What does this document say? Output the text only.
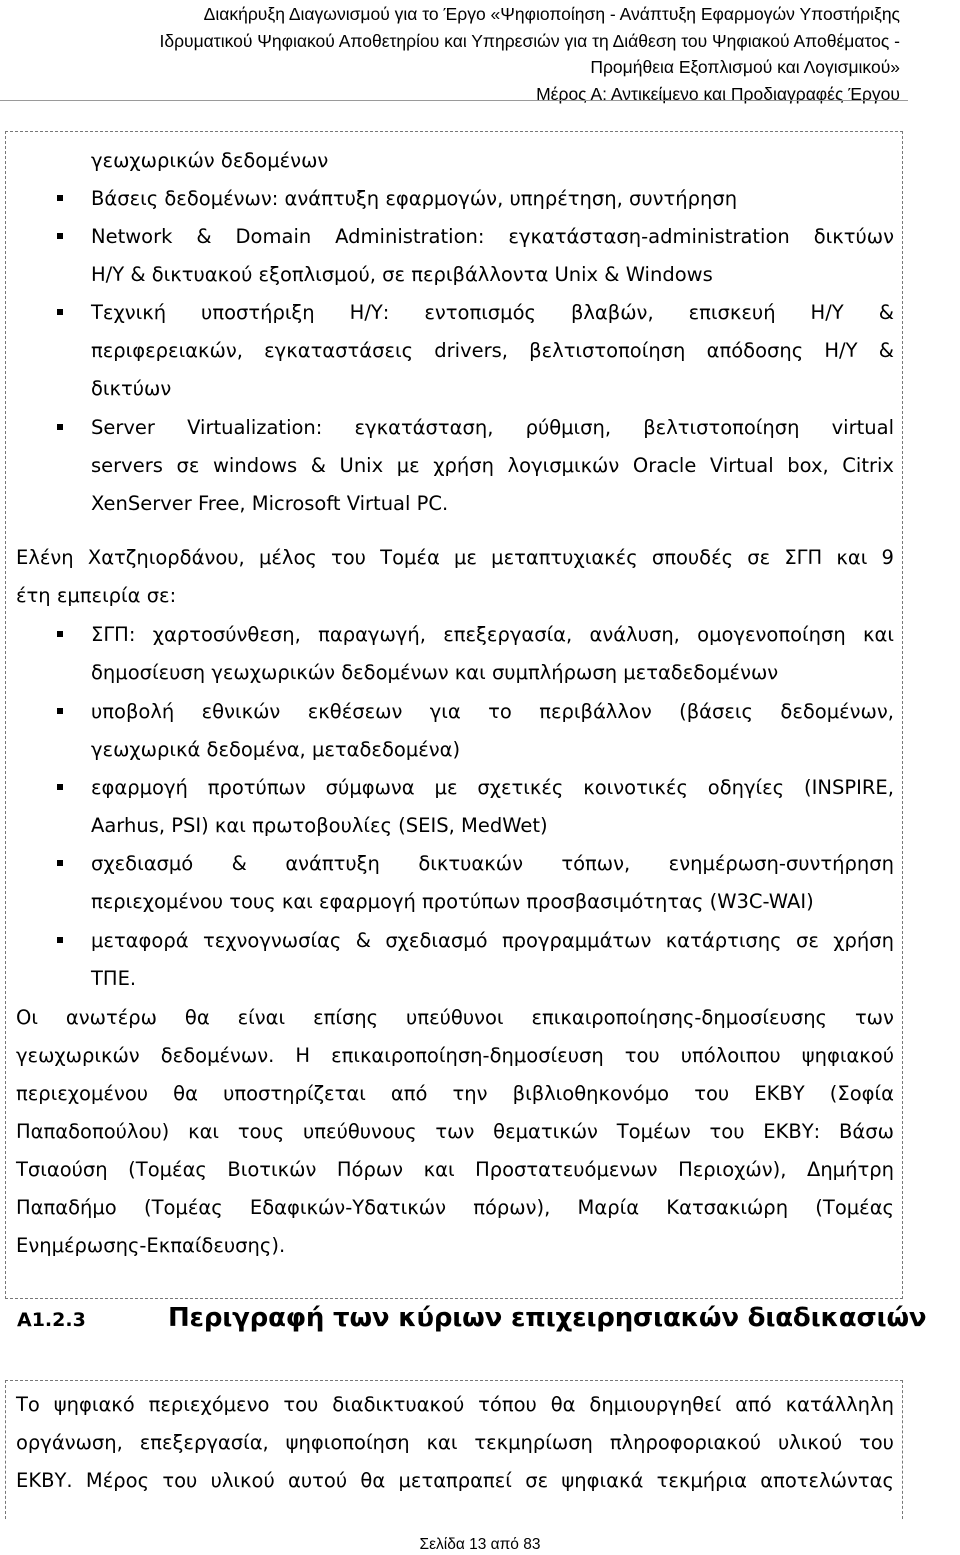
Διακήρυξη Διαγωνισμού για το Έργο «Ψηφιοποίηση - Ανάπτυξη Εφαρμογών Υποστήριξης
Ιδρυματικού Ψηφιακού Αποθετηρίου και Υπηρεσιών για τη Διάθεση του Ψηφιακού Αποθέματος -
Προμήθεια Εξοπλισμού και Λογισμικού»
Μέρος Α: Αντικείμενο και Προδιαγραφές Έργου
γεωχωρικών δεδομένων
Βάσεις δεδομένων: ανάπτυξη εφαρμογών, υπηρέτηση, συντήρηση
Network & Domain Administration: εγκατάσταση-administration δικτύων
Η/Υ & δικτυακού εξοπλισμού, σε περιβάλλοντα Unix & Windows
Τεχνική υποστήριξη Η/Υ: εντοπισμός βλαβών, επισκευή Η/Υ &
περιφερειακών, εγκαταστάσεις drivers, βελτιστοποίηση απόδοσης Η/Υ &
δικτύων
Server Virtualization: εγκατάσταση, ρύθμιση, βελτιστοποίηση virtual
servers σε windows & Unix με χρήση λογισμικών Oracle Virtual box, Citrix
XenServer Free, Microsoft Virtual PC.
Ελένη Χατζηιορδάνου, μέλος του Τομέα με μεταπτυχιακές σπουδές σε ΣΓΠ και 9
έτη εμπειρία σε:
ΣΓΠ: χαρτοσύνθεση, παραγωγή, επεξεργασία, ανάλυση, ομογενοποίηση και
δημοσίευση γεωχωρικών δεδομένων και συμπλήρωση μεταδεδομένων
υποβολή εθνικών εκθέσεων για το περιβάλλον (βάσεις δεδομένων,
γεωχωρικά δεδομένα, μεταδεδομένα)
εφαρμογή προτύπων σύμφωνα με σχετικές κοινοτικές οδηγίες (INSPIRE,
Aarhus, PSI) και πρωτοβουλίες (SEIS, MedWet)
σχεδιασμό & ανάπτυξη δικτυακών τόπων, ενημέρωση-συντήρηση
περιεχομένου τους και εφαρμογή προτύπων προσβασιμότητας (W3C-WAI)
μεταφορά τεχνογνωσίας & σχεδιασμό προγραμμάτων κατάρτισης σε χρήση
ΤΠΕ.
Οι ανωτέρω θα είναι επίσης υπεύθυνοι επικαιροποίησης-δημοσίευσης των
γεωχωρικών δεδομένων. Η επικαιροποίηση-δημοσίευση του υπόλοιπου ψηφιακού
περιεχομένου θα υποστηρίζεται από την βιβλιοθηκονόμο του ΕΚΒΥ (Σοφία
Παπαδοπούλου) και τους υπεύθυνους των θεματικών Τομέων του ΕΚΒΥ: Βάσω
Τσιαούση (Τομέας Βιοτικών Πόρων και Προστατευόμενων Περιοχών), Δημήτρη
Παπαδήμο (Τομέας Εδαφικών-Υδατικών πόρων), Μαρία Κατσακιώρη (Τομέας
Ενημέρωσης-Εκπαίδευσης).
Α1.2.3	Περιγραφή των κύριων επιχειρησιακών διαδικασιών
Το ψηφιακό περιεχόμενο του διαδικτυακού τόπου θα δημιουργηθεί από κατάλληλη
οργάνωση, επεξεργασία, ψηφιοποίηση και τεκμηρίωση πληροφοριακού υλικού του
ΕΚΒΥ. Μέρος του υλικού αυτού θα μεταπραπεί σε ψηφιακά τεκμήρια αποτελώντας
Σελίδα 13 από 83
